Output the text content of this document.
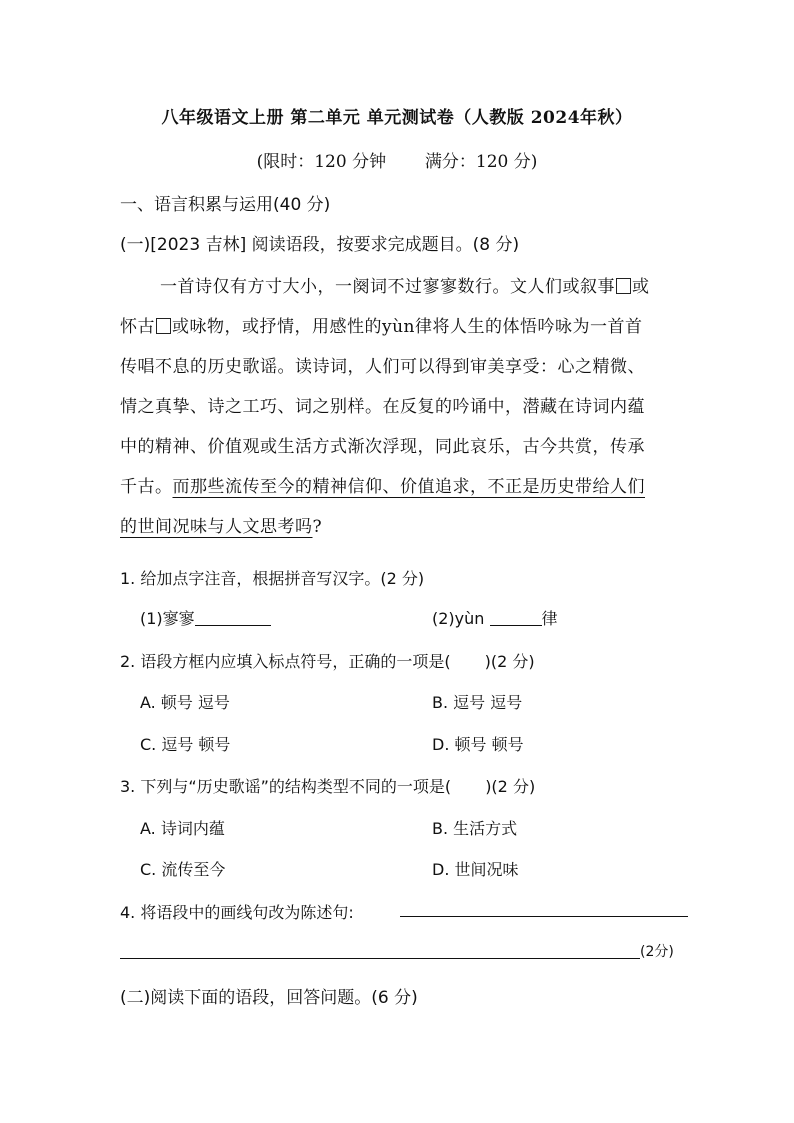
八年级语文上册 第二单元 单元测试卷（人教版 2024年秋）
(限时：120 分钟 满分：120 分)
一、语言积累与运用(40 分)
(一)[2023 吉林] 阅读语段，按要求完成题目。(8 分)
一首诗仅有方寸大小，一阕词不过寥寥数行。文人们或叙事 或
怀古 或咏物，或抒情，用感性的yùn律将人生的体悟吟咏为一首首
传唱不息的历史歌谣。读诗词，人们可以得到审美享受：心之精微、
情之真挚、诗之工巧、词之别样。在反复的吟诵中，潜藏在诗词内蕴
中的精神、价值观或生活方式渐次浮现，同此哀乐，古今共赏，传承
千古。而那些流传至今的精神信仰、价值追求，不正是历史带给人们
的世间况味与人文思考吗?
1. 给加点字注音，根据拼音写汉字。(2 分)
(1)寥寥	(2)yùn	律
2. 语段方框内应填入标点符号，正确的一项是( )(2 分)
A. 顿号 逗号	B. 逗号 逗号
C. 逗号 顿号	D. 顿号 顿号
3. 下列与“历史歌谣”的结构类型不同的一项是( )(2 分)
A. 诗词内蕴	B. 生活方式
C. 流传至今	D. 世间况味
4. 将语段中的画线句改为陈述句:
(2分)
(二)阅读下面的语段，回答问题。(6 分)
